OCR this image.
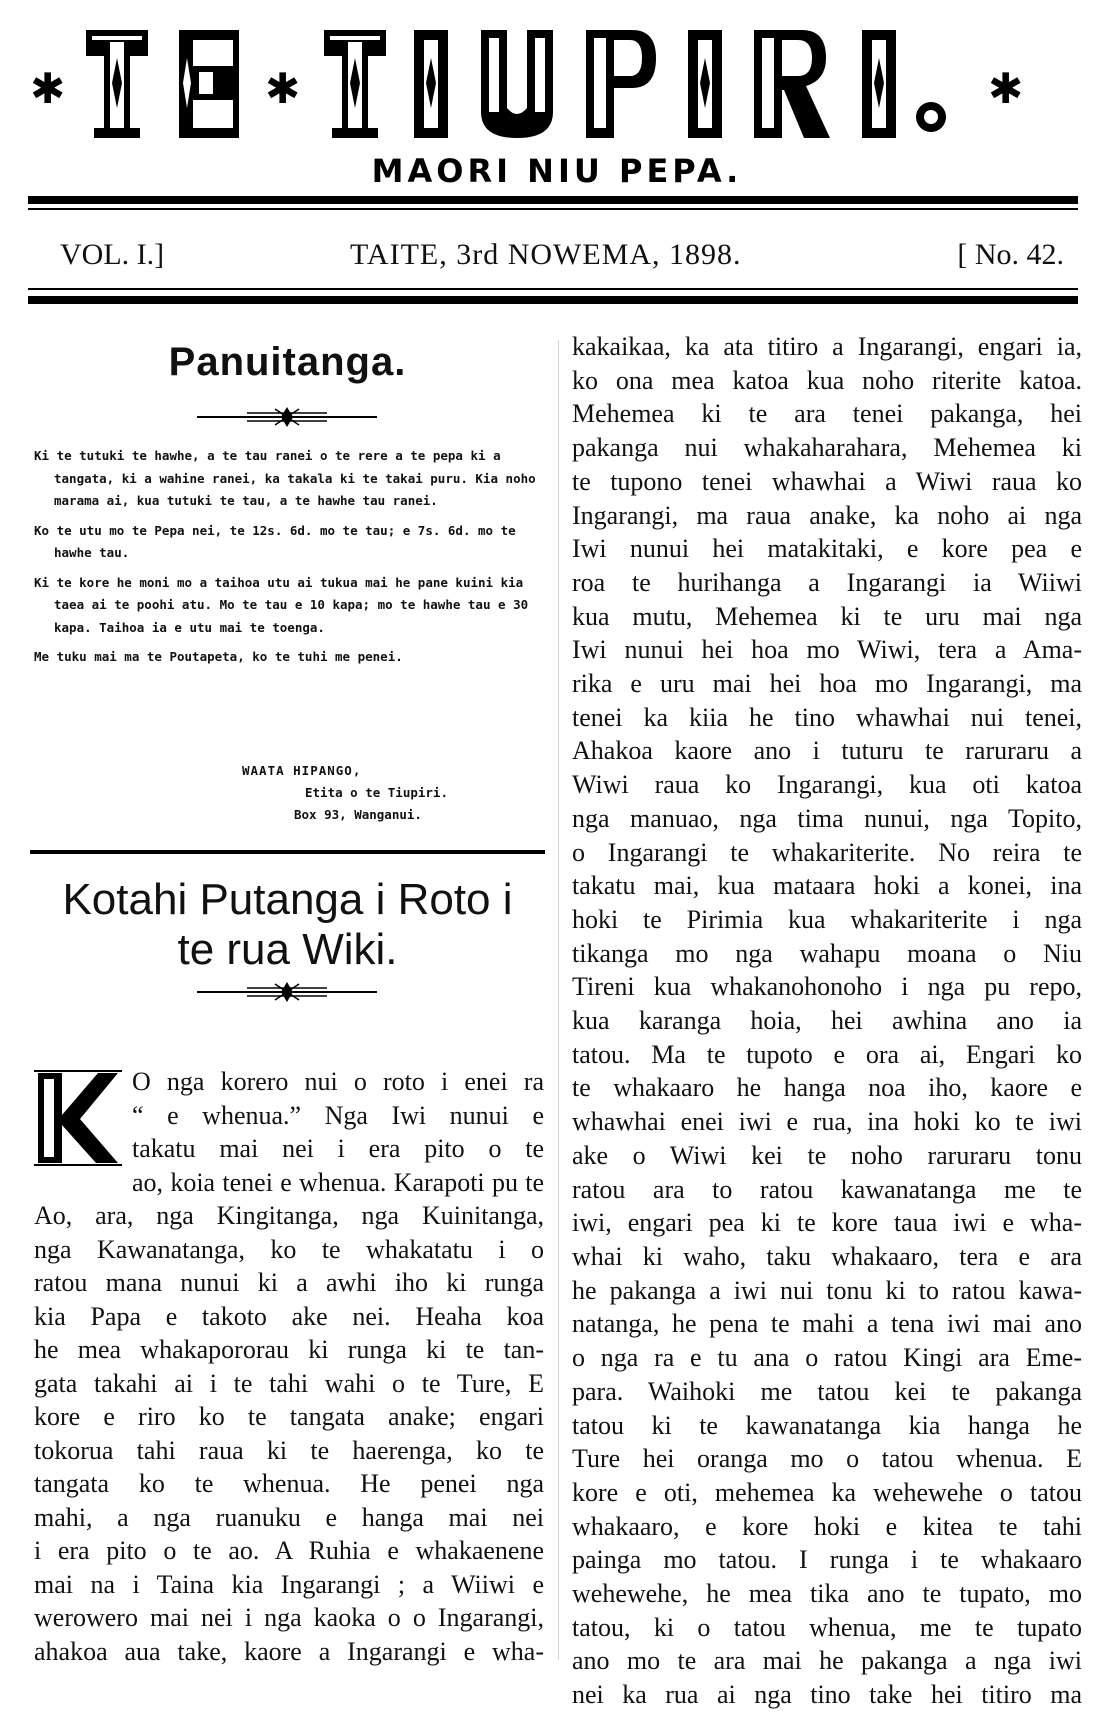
✱	✱	✱
MAORI NIU PEPA.
VOL. I.]	TAITE, 3rd NOWEMA, 1898.	[ No. 42.
Panuitanga.

Ki te tutuki te hawhe, a te tau ranei o te rere a te pepa ki a tangata, ki a wahine ranei, ka takala ki te takai puru. Kia noho marama ai, kua tutuki te tau, a te hawhe tau ranei.

Ko te utu mo te Pepa nei, te 12s. 6d. mo te tau; e 7s. 6d. mo te hawhe tau.

Ki te kore he moni mo a taihoa utu ai tukua mai he pane kuini kia taea ai te poohi atu. Mo te tau e 10 kapa; mo te hawhe tau e 30 kapa. Taihoa ia e utu mai te toenga.

Me tuku mai ma te Poutapeta, ko te tuhi me penei.

WAATA HIPANGO,
Etita o te Tiupiri.
Box 93, Wanganui.
Kotahi Putanga i Roto i
te rua Wiki.
O nga korero nui o roto i enei ra
“ e whenua.” Nga Iwi nunui e
takatu mai nei i era pito o te
ao, koia tenei e whenua. Karapoti pu te
Ao, ara, nga Kingitanga, nga Kuinitanga,
nga Kawanatanga, ko te whakatatu i o
ratou mana nunui ki a awhi iho ki runga
kia Papa e takoto ake nei. Heaha koa
he mea whakapororau ki runga ki te tan-
gata takahi ai i te tahi wahi o te Ture, E
kore e riro ko te tangata anake; engari
tokorua tahi raua ki te haerenga, ko te
tangata ko te whenua. He penei nga
mahi, a nga ruanuku e hanga mai nei
i era pito o te ao. A Ruhia e whakaenene
mai na i Taina kia Ingarangi ; a Wiiwi e
werowero mai nei i nga kaoka o o Ingarangi,
ahakoa aua take, kaore a Ingarangi e wha-
kakaikaa, ka ata titiro a Ingarangi, engari ia,
ko ona mea katoa kua noho riterite katoa.
Mehemea ki te ara tenei pakanga, hei
pakanga nui whakaharahara, Mehemea ki
te tupono tenei whawhai a Wiwi raua ko
Ingarangi, ma raua anake, ka noho ai nga
Iwi nunui hei matakitaki, e kore pea e
roa te hurihanga a Ingarangi ia Wiiwi
kua mutu, Mehemea ki te uru mai nga
Iwi nunui hei hoa mo Wiwi, tera a Ama-
rika e uru mai hei hoa mo Ingarangi, ma
tenei ka kiia he tino whawhai nui tenei,
Ahakoa kaore ano i tuturu te raruraru a
Wiwi raua ko Ingarangi, kua oti katoa
nga manuao, nga tima nunui, nga Topito,
o Ingarangi te whakariterite. No reira te
takatu mai, kua mataara hoki a konei, ina
hoki te Pirimia kua whakariterite i nga
tikanga mo nga wahapu moana o Niu
Tireni kua whakanohonoho i nga pu repo,
kua karanga hoia, hei awhina ano ia
tatou. Ma te tupoto e ora ai, Engari ko
te whakaaro he hanga noa iho, kaore e
whawhai enei iwi e rua, ina hoki ko te iwi
ake o Wiwi kei te noho raruraru tonu
ratou ara to ratou kawanatanga me te
iwi, engari pea ki te kore taua iwi e wha-
whai ki waho, taku whakaaro, tera e ara
he pakanga a iwi nui tonu ki to ratou kawa-
natanga, he pena te mahi a tena iwi mai ano
o nga ra e tu ana o ratou Kingi ara Eme-
para. Waihoki me tatou kei te pakanga
tatou ki te kawanatanga kia hanga he
Ture hei oranga mo o tatou whenua. E
kore e oti, mehemea ka wehewehe o tatou
whakaaro, e kore hoki e kitea te tahi
painga mo tatou. I runga i te whakaaro
wehewehe, he mea tika ano te tupato, mo
tatou, ki o tatou whenua, me te tupato
ano mo te ara mai he pakanga a nga iwi
nei ka rua ai nga tino take hei titiro ma
